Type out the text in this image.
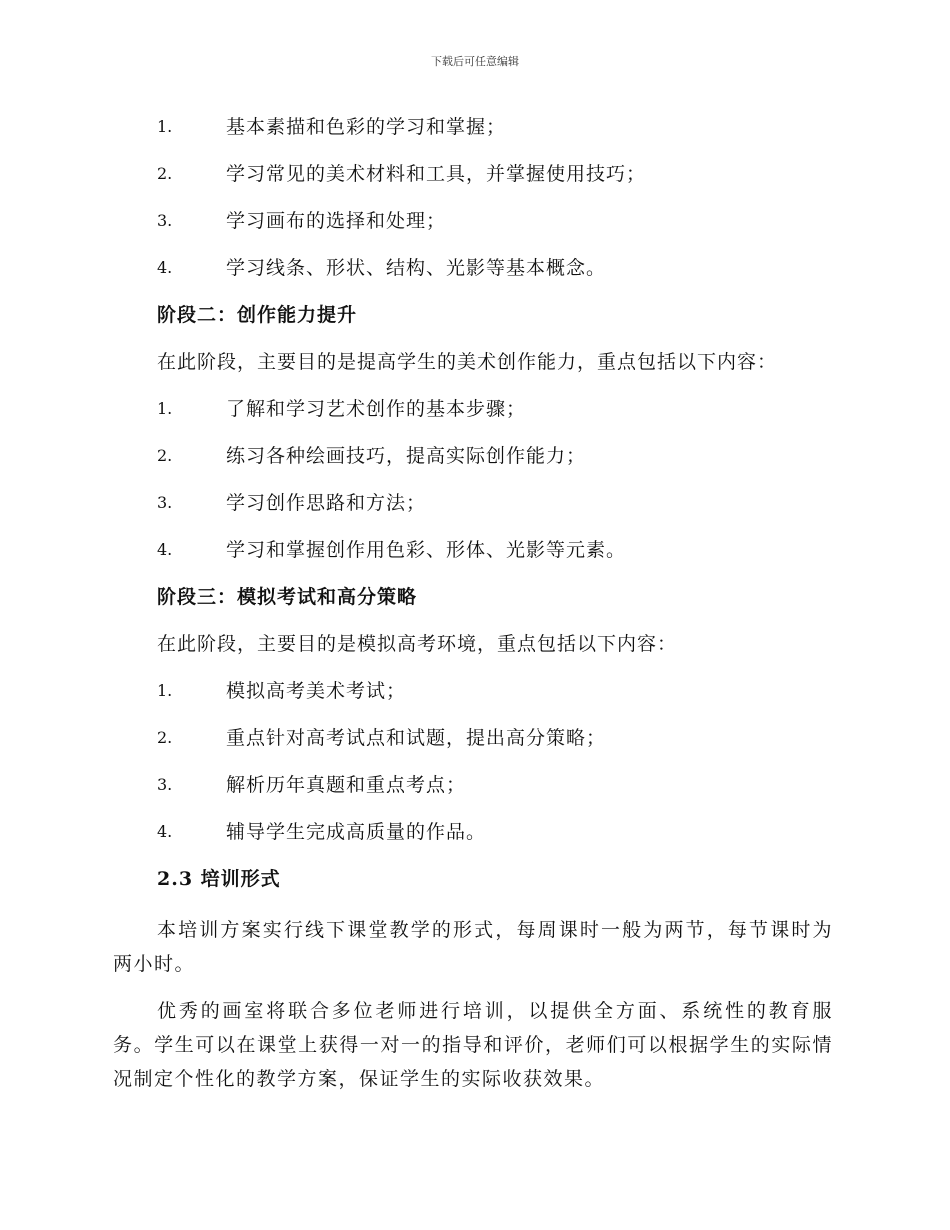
下载后可任意编辑
1.	基本素描和色彩的学习和掌握；
2.	学习常见的美术材料和工具，并掌握使用技巧；
3.	学习画布的选择和处理；
4.	学习线条、形状、结构、光影等基本概念。
阶段二：创作能力提升
在此阶段，主要目的是提高学生的美术创作能力，重点包括以下内容：
1.	了解和学习艺术创作的基本步骤；
2.	练习各种绘画技巧，提高实际创作能力；
3.	学习创作思路和方法；
4.	学习和掌握创作用色彩、形体、光影等元素。
阶段三：模拟考试和高分策略
在此阶段，主要目的是模拟高考环境，重点包括以下内容：
1.	模拟高考美术考试；
2.	重点针对高考试点和试题，提出高分策略；
3.	解析历年真题和重点考点；
4.	辅导学生完成高质量的作品。
2.3 培训形式

本培训方案实行线下课堂教学的形式，每周课时一般为两节，每节课时为两小时。

优秀的画室将联合多位老师进行培训，以提供全方面、系统性的教育服务。学生可以在课堂上获得一对一的指导和评价，老师们可以根据学生的实际情况制定个性化的教学方案，保证学生的实际收获效果。
